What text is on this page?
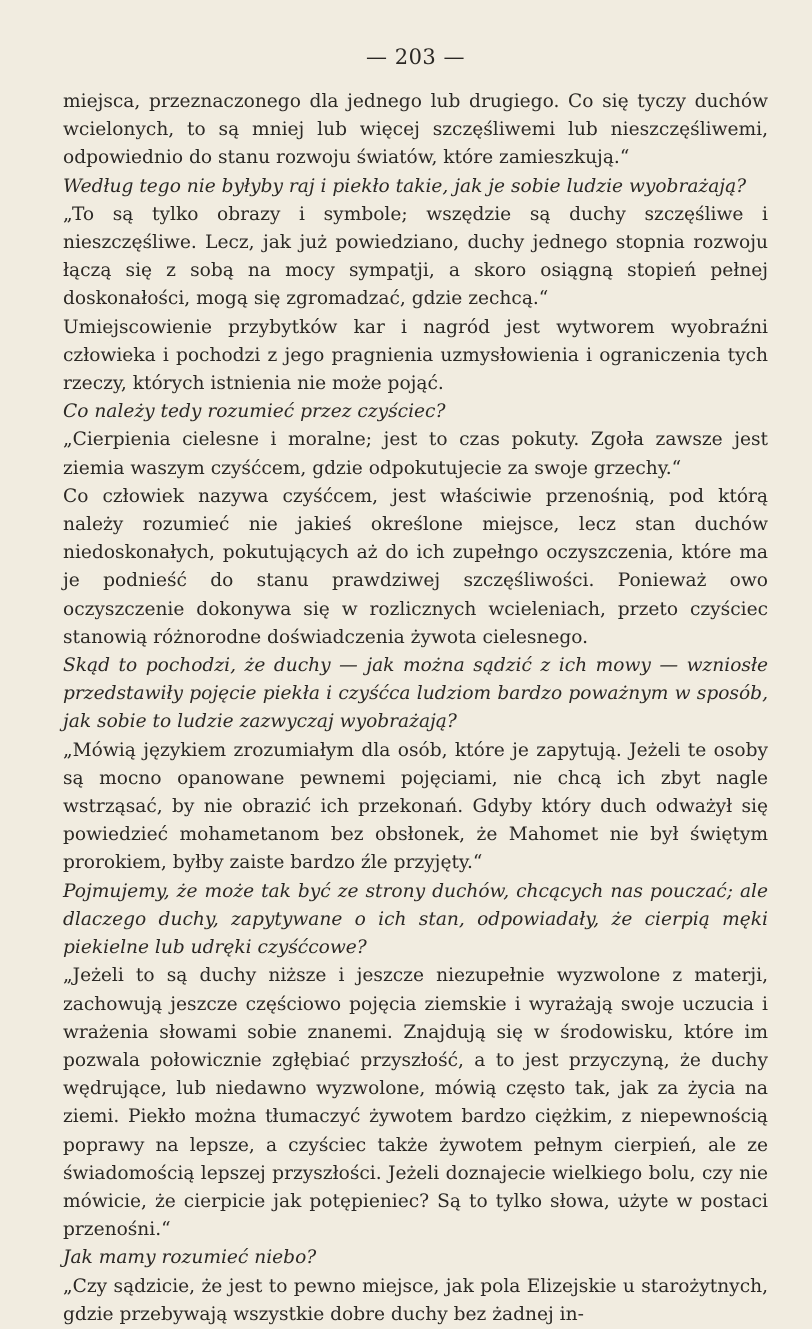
— 203 —

miejsca, przeznaczonego dla jednego lub drugiego. Co się tyczy duchów wcielonych, to są mniej lub więcej szczęśliwemi lub nieszczęśliwemi, odpowiednio do stanu rozwoju światów, które zamieszkują.“

Według tego nie byłyby raj i piekło takie, jak je sobie ludzie wyobrażają?

„To są tylko obrazy i symbole; wszędzie są duchy szczęśliwe i nieszczęśliwe. Lecz, jak już powiedziano, duchy jednego stopnia rozwoju łączą się z sobą na mocy sympatji, a skoro osiągną stopień pełnej doskonałości, mogą się zgromadzać, gdzie zechcą.“

Umiejscowienie przybytków kar i nagród jest wytworem wyobraźni człowieka i pochodzi z jego pragnienia uzmysłowienia i ograniczenia tych rzeczy, których istnienia nie może pojąć.

Co należy tedy rozumieć przez czyściec?

„Cierpienia cielesne i moralne; jest to czas pokuty. Zgoła zawsze jest ziemia waszym czyśćcem, gdzie odpokutujecie za swoje grzechy.“

Co człowiek nazywa czyśćcem, jest właściwie przenośnią, pod którą należy rozumieć nie jakieś określone miejsce, lecz stan duchów niedoskonałych, pokutujących aż do ich zupełngo oczyszczenia, które ma je podnieść do stanu prawdziwej szczęśliwości. Ponieważ owo oczyszczenie dokonywa się w rozlicznych wcieleniach, przeto czyściec stanowią różnorodne doświadczenia żywota cielesnego.

Skąd to pochodzi, że duchy — jak można sądzić z ich mowy — wzniosłe przedstawiły pojęcie piekła i czyśćca ludziom bardzo poważnym w sposób, jak sobie to ludzie zazwyczaj wyobrażają?

„Mówią językiem zrozumiałym dla osób, które je zapytują. Jeżeli te osoby są mocno opanowane pewnemi pojęciami, nie chcą ich zbyt nagle wstrząsać, by nie obrazić ich przekonań. Gdyby który duch odważył się powiedzieć mohametanom bez obsłonek, że Mahomet nie był świętym prorokiem, byłby zaiste bardzo źle przyjęty.“

Pojmujemy, że może tak być ze strony duchów, chcących nas pouczać; ale dlaczego duchy, zapytywane o ich stan, odpowiadały, że cierpią męki piekielne lub udręki czyśćcowe?

„Jeżeli to są duchy niższe i jeszcze niezupełnie wyzwolone z materji, zachowują jeszcze częściowo pojęcia ziemskie i wyrażają swoje uczucia i wrażenia słowami sobie znanemi. Znajdują się w środowisku, które im pozwala połowicznie zgłębiać przyszłość, a to jest przyczyną, że duchy wędrujące, lub niedawno wyzwolone, mówią często tak, jak za życia na ziemi. Piekło można tłumaczyć żywotem bardzo ciężkim, z niepewnością poprawy na lepsze, a czyściec także żywotem pełnym cierpień, ale ze świadomością lepszej przyszłości. Jeżeli doznajecie wielkiego bolu, czy nie mówicie, że cierpicie jak potępieniec? Są to tylko słowa, użyte w postaci przenośni.“

Jak mamy rozumieć niebo?

„Czy sądzicie, że jest to pewno miejsce, jak pola Elizejskie u starożytnych, gdzie przebywają wszystkie dobre duchy bez żadnej in-
